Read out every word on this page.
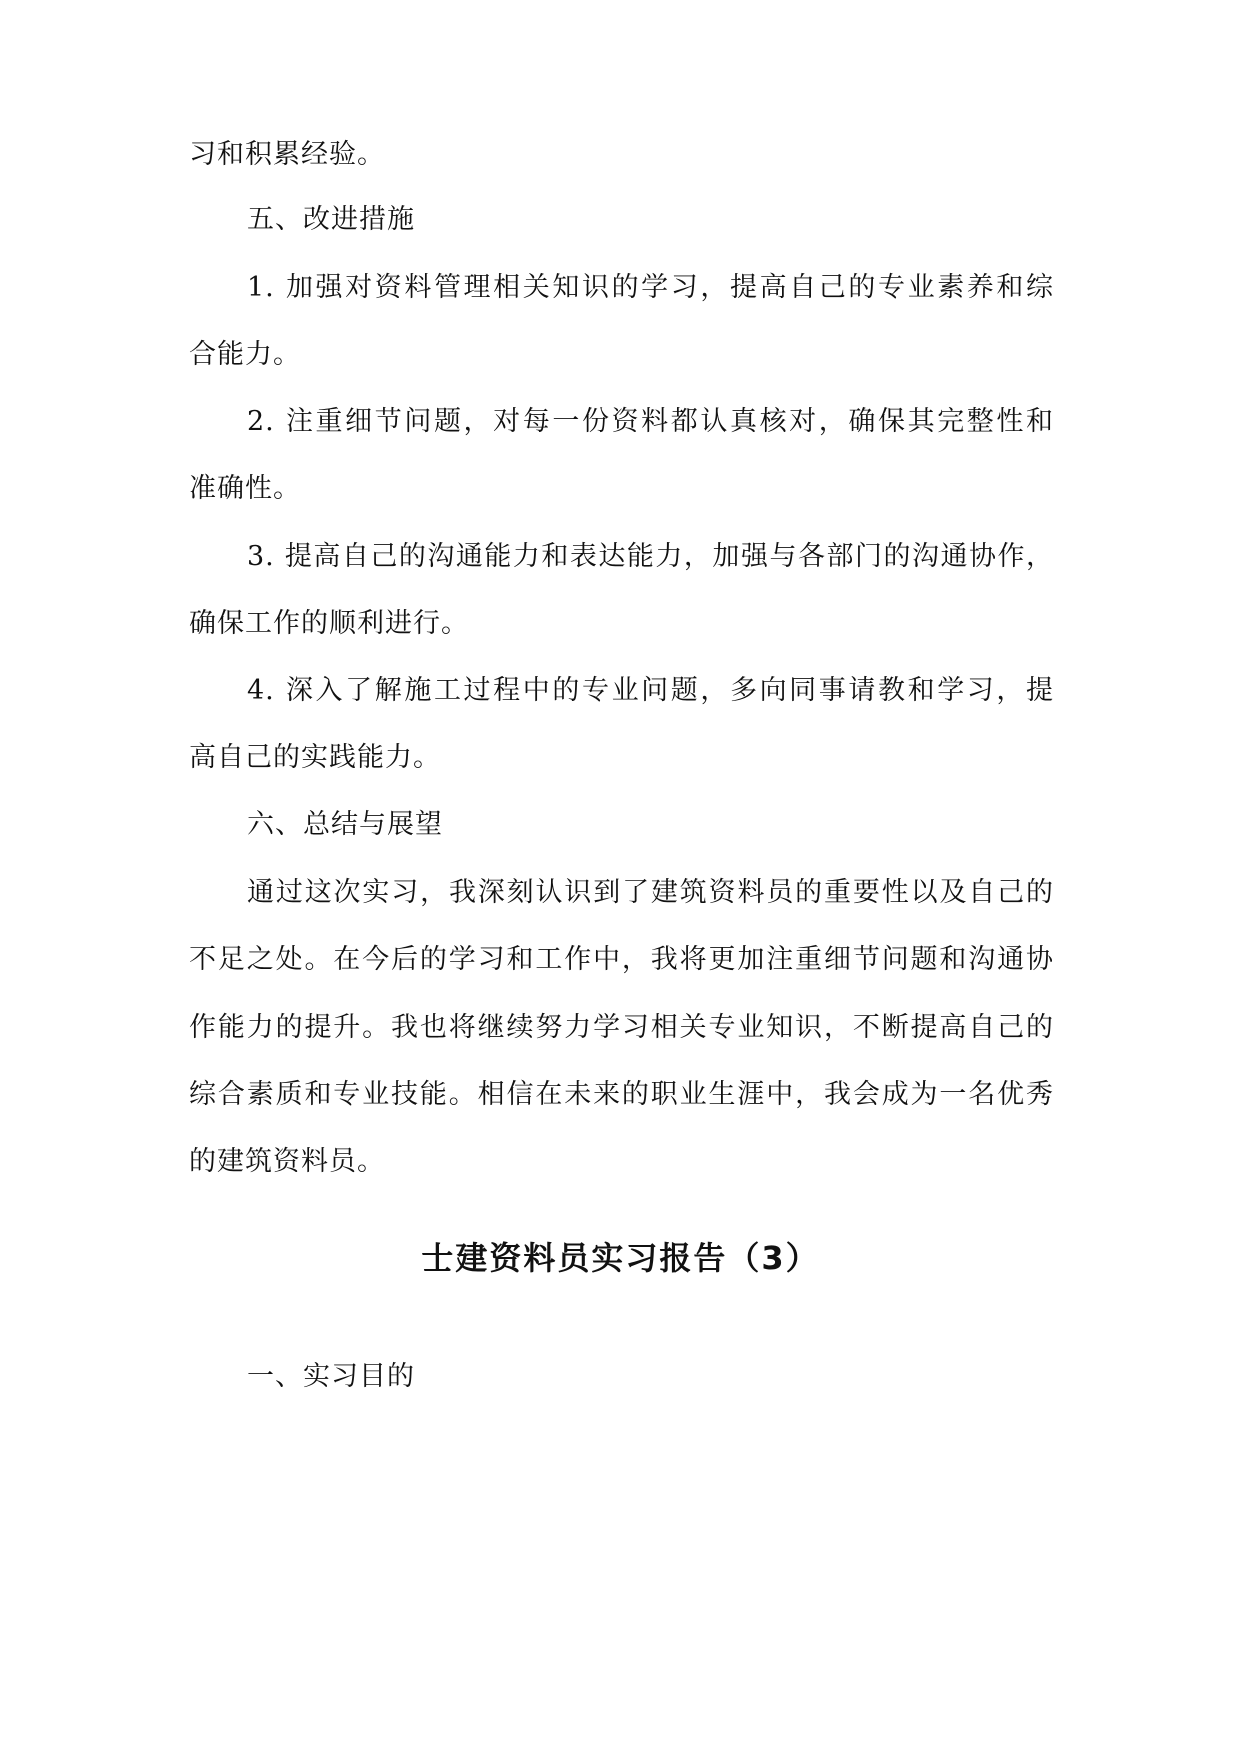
习和积累经验。
五、改进措施
1. 加强对资料管理相关知识的学习，提高自己的专业素养和综
合能力。
2. 注重细节问题，对每一份资料都认真核对，确保其完整性和
准确性。
3. 提高自己的沟通能力和表达能力，加强与各部门的沟通协作，
确保工作的顺利进行。
4. 深入了解施工过程中的专业问题，多向同事请教和学习，提
高自己的实践能力。
六、总结与展望
通过这次实习，我深刻认识到了建筑资料员的重要性以及自己的
不足之处。在今后的学习和工作中，我将更加注重细节问题和沟通协
作能力的提升。我也将继续努力学习相关专业知识，不断提高自己的
综合素质和专业技能。相信在未来的职业生涯中，我会成为一名优秀
的建筑资料员。
士建资料员实习报告（3）
一、实习目的
